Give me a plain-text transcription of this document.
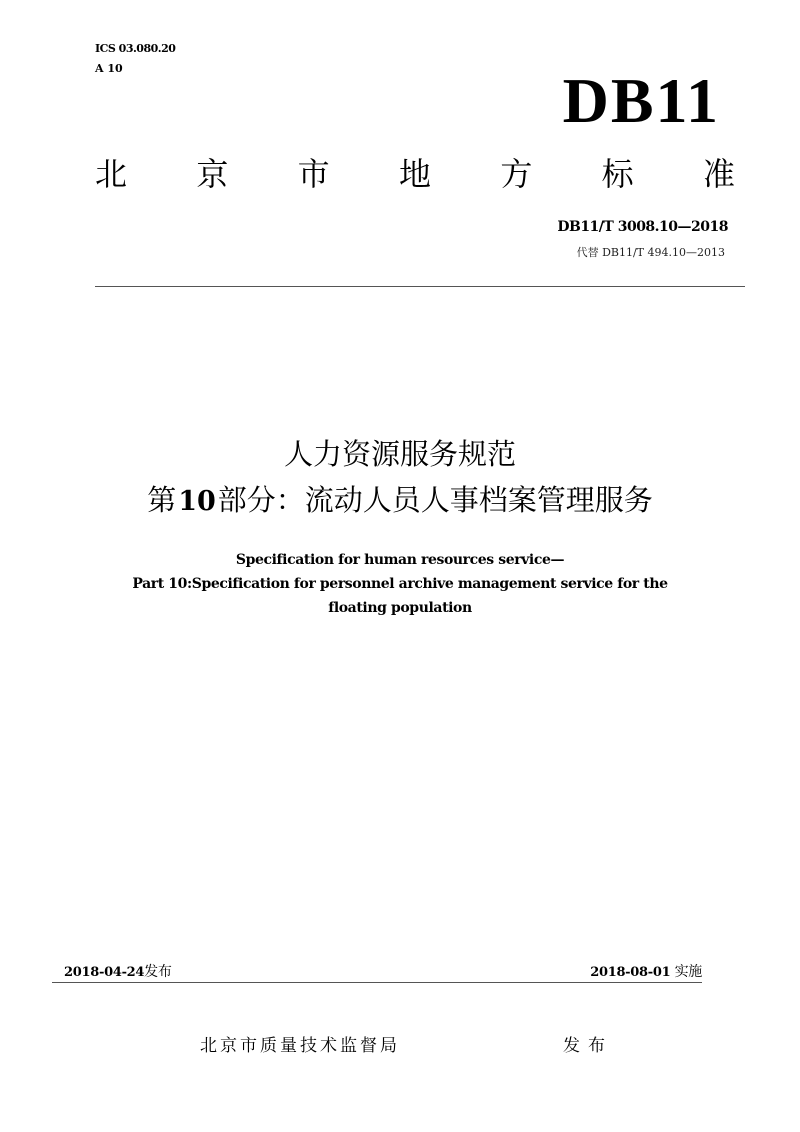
ICS 03.080.20
A 10	DB11
北 京 市 地 方 标 准
DB11/T 3008.10—2018
代替 DB11/T 494.10—2013
人力资源服务规范
第10部分：流动人员人事档案管理服务
Specification for human resources service—
Part 10:Specification for personnel archive management service for the
floating population
2018-04-24发布	2018-08-01 实施
北京市质量技术监督局	发布
